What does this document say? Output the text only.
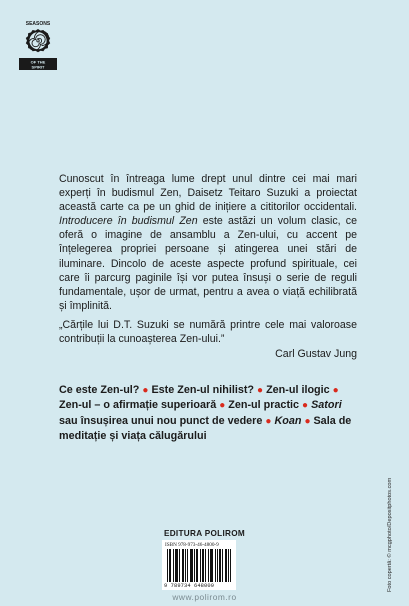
SEASONS
OF THE
SPIRIT

Cunoscut în întreaga lume drept unul dintre cei mai mari experți în budismul Zen, Daisetz Teitaro Suzuki a proiectat această carte ca pe un ghid de inițiere a cititorilor occidentali. Introducere în budismul Zen este astăzi un volum clasic, ce oferă o imagine de ansamblu a Zen-ului, cu accent pe înțelegerea propriei persoane și atingerea unei stări de iluminare. Dincolo de aceste aspecte profund spirituale, cei care îi parcurg paginile își vor putea însuși o serie de reguli fundamentale, ușor de urmat, pentru a avea o viață echilibrată și împlinită.

„Cărțile lui D.T. Suzuki se numără printre cele mai valoroase contribuții la cunoașterea Zen-ului.”

Carl Gustav Jung

Ce este Zen-ul? ● Este Zen-ul nihilist? ● Zen-ul ilogic ● Zen-ul – o afirmație superioară ● Zen-ul practic ● Satori sau însușirea unui nou punct de vedere ● Koan ● Sala de meditație și viața călugărului

EDITURA POLIROM

ISBN 978-973-46-4800-9
9 789734 648009

www.polirom.ro

Foto copertă: © mcgphoto/Depositphotos.com
